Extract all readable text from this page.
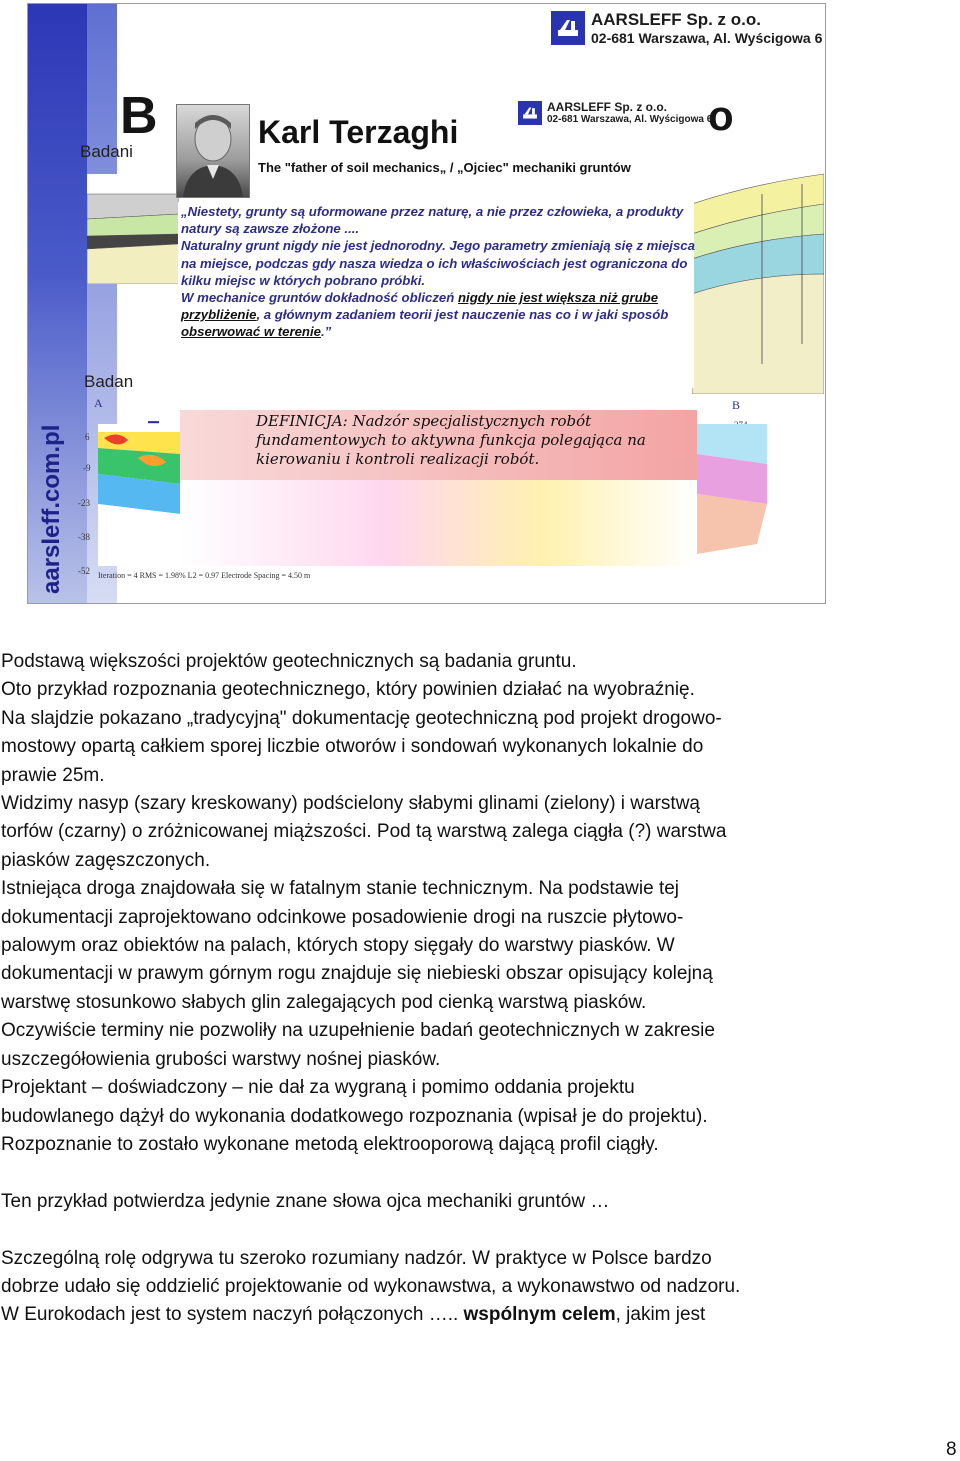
aarsleff.com.pl
AARSLEFF Sp. z o.o.
02-681 Warszawa, Al. Wyścigowa 6
B	o
Badani
Badan
A	B
6
-9
-23
-38
-52 Iteration = 4 RMS = 1.98% L2 = 0.97 Electrode Spacing = 4.50 m
Karl Terzaghi
The "father of soil mechanics„ / „Ojciec" mechaniki gruntów
AARSLEFF Sp. z o.o.
02-681 Warszawa, Al. Wyścigowa 6

„Niestety, grunty są uformowane przez naturę, a nie przez człowieka, a produkty natury są zawsze złożone ....

Naturalny grunt nigdy nie jest jednorodny. Jego parametry zmieniają się z miejsca na miejsce, podczas gdy nasza wiedza o ich właściwościach jest ograniczona do kilku miejsc w których pobrano próbki.

W mechanice gruntów dokładność obliczeń nigdy nie jest większa niż grube przybliżenie, a głównym zadaniem teorii jest nauczenie nas co i w jaki sposób obserwować w terenie.”

DEFINICJA: Nadzór specjalistycznych robót fundamentowych to aktywna funkcja polegająca na kierowaniu i kontroli realizacji robót.
Podstawą większości projektów geotechnicznych są badania gruntu.
Oto przykład rozpoznania geotechnicznego, który powinien działać na wyobraźnię.
Na slajdzie pokazano „tradycyjną" dokumentację geotechniczną pod projekt drogowo-
mostowy opartą całkiem sporej liczbie otworów i sondowań wykonanych lokalnie do
prawie 25m.
Widzimy nasyp (szary kreskowany) podścielony słabymi glinami (zielony) i warstwą
torfów (czarny) o zróżnicowanej miąższości. Pod tą warstwą zalega ciągła (?) warstwa
piasków zagęszczonych.
Istniejąca droga znajdowała się w fatalnym stanie technicznym. Na podstawie tej
dokumentacji zaprojektowano odcinkowe posadowienie drogi na ruszcie płytowo-
palowym oraz obiektów na palach, których stopy sięgały do warstwy piasków. W
dokumentacji w prawym górnym rogu znajduje się niebieski obszar opisujący kolejną
warstwę stosunkowo słabych glin zalegających pod cienką warstwą piasków.
Oczywiście terminy nie pozwoliły na uzupełnienie badań geotechnicznych w zakresie
uszczegółowienia grubości warstwy nośnej piasków.
Projektant – doświadczony – nie dał za wygraną i pomimo oddania projektu
budowlanego dążył do wykonania dodatkowego rozpoznania (wpisał je do projektu).
Rozpoznanie to zostało wykonane metodą elektrooporową dającą profil ciągły.
Ten przykład potwierdza jedynie znane słowa ojca mechaniki gruntów …
Szczególną rolę odgrywa tu szeroko rozumiany nadzór. W praktyce w Polsce bardzo
dobrze udało się oddzielić projektowanie od wykonawstwa, a wykonawstwo od nadzoru.
W Eurokodach jest to system naczyń połączonych ….. wspólnym celem, jakim jest
8
